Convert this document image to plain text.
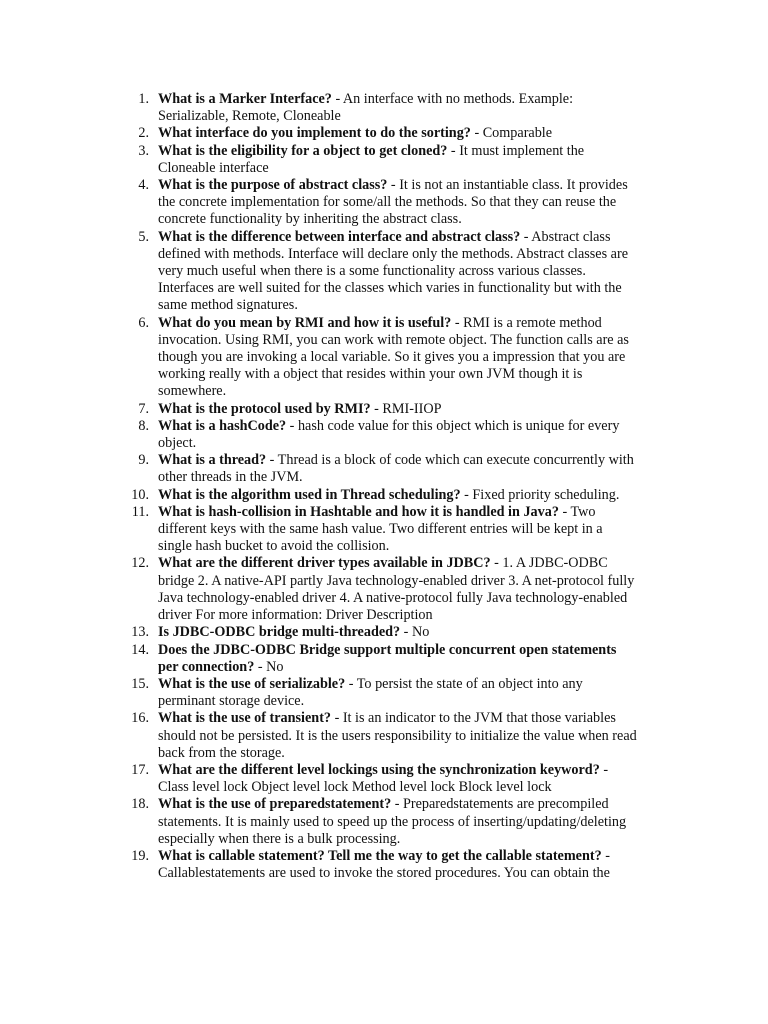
1. What is a Marker Interface? - An interface with no methods. Example: Serializable, Remote, Cloneable
2. What interface do you implement to do the sorting? - Comparable
3. What is the eligibility for a object to get cloned? - It must implement the Cloneable interface
4. What is the purpose of abstract class? - It is not an instantiable class. It provides the concrete implementation for some/all the methods. So that they can reuse the concrete functionality by inheriting the abstract class.
5. What is the difference between interface and abstract class? - Abstract class defined with methods. Interface will declare only the methods. Abstract classes are very much useful when there is a some functionality across various classes. Interfaces are well suited for the classes which varies in functionality but with the same method signatures.
6. What do you mean by RMI and how it is useful? - RMI is a remote method invocation. Using RMI, you can work with remote object. The function calls are as though you are invoking a local variable. So it gives you a impression that you are working really with a object that resides within your own JVM though it is somewhere.
7. What is the protocol used by RMI? - RMI-IIOP
8. What is a hashCode? - hash code value for this object which is unique for every object.
9. What is a thread? - Thread is a block of code which can execute concurrently with other threads in the JVM.
10. What is the algorithm used in Thread scheduling? - Fixed priority scheduling.
11. What is hash-collision in Hashtable and how it is handled in Java? - Two different keys with the same hash value. Two different entries will be kept in a single hash bucket to avoid the collision.
12. What are the different driver types available in JDBC? - 1. A JDBC-ODBC bridge 2. A native-API partly Java technology-enabled driver 3. A net-protocol fully Java technology-enabled driver 4. A native-protocol fully Java technology-enabled driver For more information: Driver Description
13. Is JDBC-ODBC bridge multi-threaded? - No
14. Does the JDBC-ODBC Bridge support multiple concurrent open statements per connection? - No
15. What is the use of serializable? - To persist the state of an object into any perminant storage device.
16. What is the use of transient? - It is an indicator to the JVM that those variables should not be persisted. It is the users responsibility to initialize the value when read back from the storage.
17. What are the different level lockings using the synchronization keyword? - Class level lock Object level lock Method level lock Block level lock
18. What is the use of preparedstatement? - Preparedstatements are precompiled statements. It is mainly used to speed up the process of inserting/updating/deleting especially when there is a bulk processing.
19. What is callable statement? Tell me the way to get the callable statement? - Callablestatements are used to invoke the stored procedures. You can obtain the
